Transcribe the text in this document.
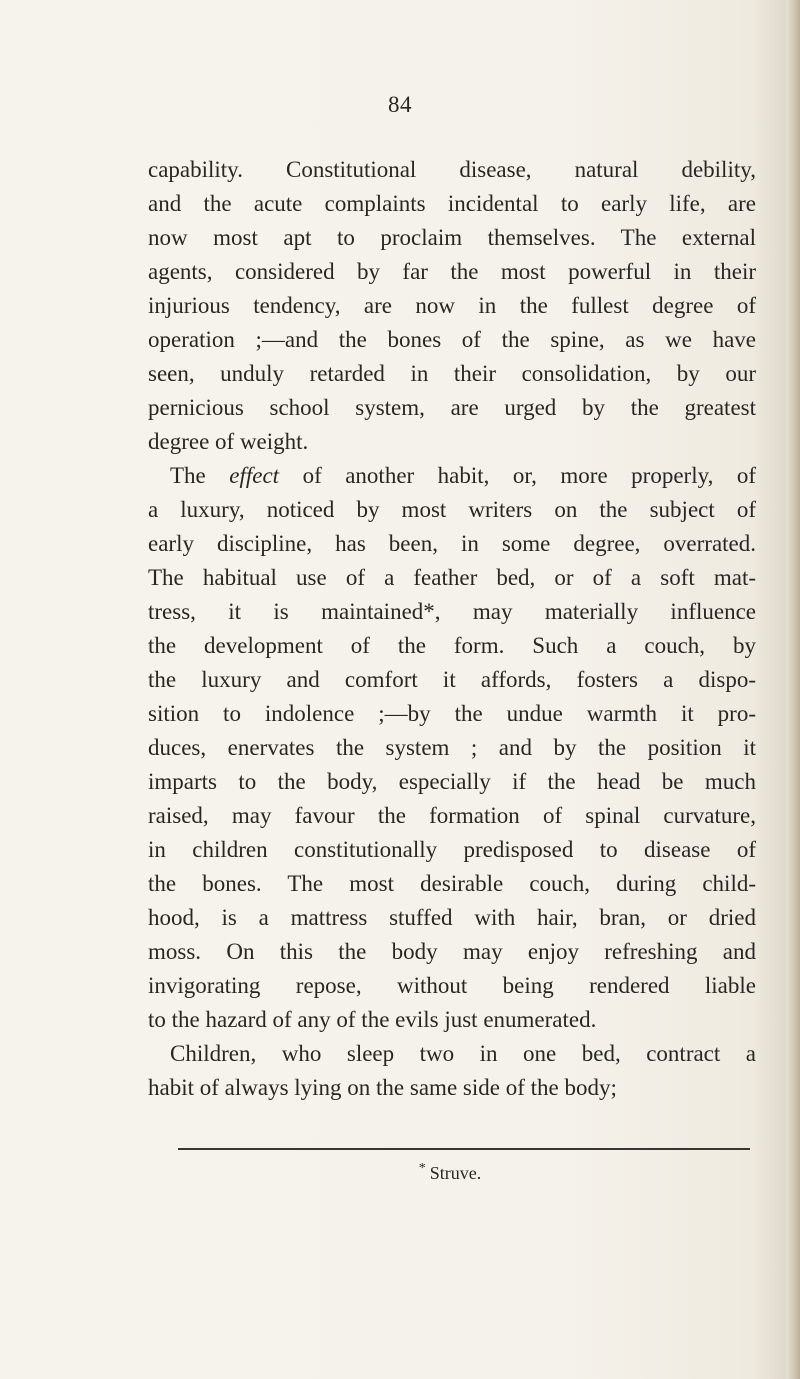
84
capability. Constitutional disease, natural debility,
and the acute complaints incidental to early life, are
now most apt to proclaim themselves. The external
agents, considered by far the most powerful in their
injurious tendency, are now in the fullest degree of
operation ;—and the bones of the spine, as we have
seen, unduly retarded in their consolidation, by our
pernicious school system, are urged by the greatest
degree of weight.
The effect of another habit, or, more properly, of
a luxury, noticed by most writers on the subject of
early discipline, has been, in some degree, overrated.
The habitual use of a feather bed, or of a soft mat-
tress, it is maintained*, may materially influence
the development of the form. Such a couch, by
the luxury and comfort it affords, fosters a dispo-
sition to indolence ;—by the undue warmth it pro-
duces, enervates the system ; and by the position it
imparts to the body, especially if the head be much
raised, may favour the formation of spinal curvature,
in children constitutionally predisposed to disease of
the bones. The most desirable couch, during child-
hood, is a mattress stuffed with hair, bran, or dried
moss. On this the body may enjoy refreshing and
invigorating repose, without being rendered liable
to the hazard of any of the evils just enumerated.
Children, who sleep two in one bed, contract a
habit of always lying on the same side of the body;
* Struve.
